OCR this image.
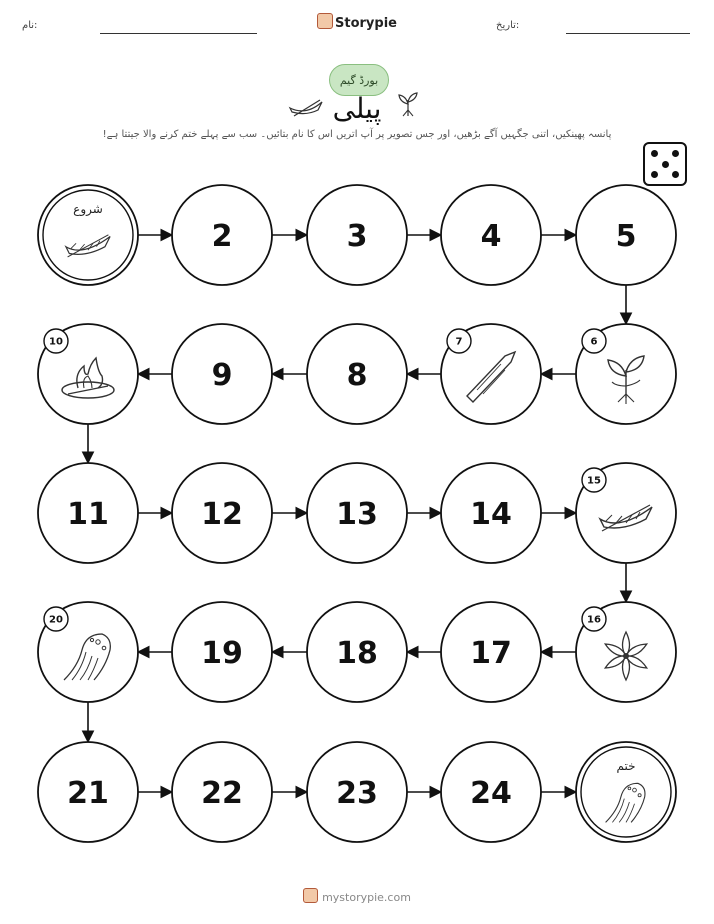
نام:	Storypie	تاریخ:
بورڈ گیم
پیلی
پانسہ پھینکیں، اتنی جگہیں آگے بڑھیں، اور جس تصویر پر آپ اتریں اس کا نام بتائیں۔ سب سے پہلے ختم کرنے والا جیتتا ہے!
شروع
2	3	4	5
6
7
8
9
10
11	12	13	14
15
16
17
18
19
20
21	22	23	24
ختم
mystorypie.com
